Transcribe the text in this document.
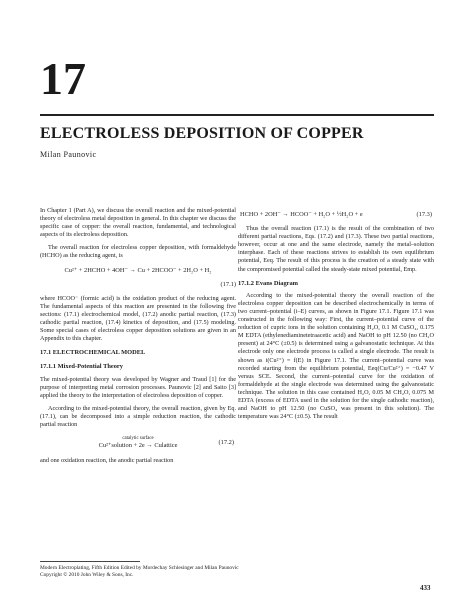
17
ELECTROLESS DEPOSITION OF COPPER
Milan Paunovic

In Chapter 1 (Part A), we discuss the overall reaction and the mixed-potential theory of electroless metal deposition in general. In this chapter we discuss the specific case of copper: the overall reaction, fundamental, and technological aspects of its electroless deposition.

The overall reaction for electroless copper deposition, with formaldehyde (HCHO) as the reducing agent, is

Cu²⁺ + 2HCHO + 4OH⁻ → Cu + 2HCOO⁻ + 2H₂O + H₂
(17.1)

where HCOO⁻ (formic acid) is the oxidation product of the reducing agent. The fundamental aspects of this reaction are presented in the following five sections: (17.1) electrochemical model, (17.2) anodic partial reaction, (17.3) cathodic partial reaction, (17.4) kinetics of deposition, and (17.5) modeling. Some special cases of electroless copper deposition solutions are given in an Appendix to this chapter.

17.1 ELECTROCHEMICAL MODEL
17.1.1 Mixed-Potential Theory

The mixed-potential theory was developed by Wagner and Traud [1] for the purpose of interpreting metal corrosion processes. Paunovic [2] and Saito [3] applied the theory to the interpretation of electroless deposition of copper.

According to the mixed-potential theory, the overall reaction, given by Eq. (17.1), can be decomposed into a simple reduction reaction, the cathodic partial reaction

catalytic surface
Cu²⁺solution + 2e → Culattice
(17.2)

and one oxidation reaction, the anodic partial reaction

HCHO + 2OH⁻ → HCOO⁻ + H₂O + ½H₂O + e	(17.3)

Thus the overall reaction (17.1) is the result of the combination of two different partial reactions, Eqs. (17.2) and (17.3). These two partial reactions, however, occur at one and the same electrode, namely the metal–solution interphase. Each of these reactions strives to establish its own equilibrium potential, Eeq. The result of this process is the creation of a steady state with the compromised potential called the steady-state mixed potential, Emp.

17.1.2 Evans Diagram

According to the mixed-potential theory the overall reaction of the electroless copper deposition can be described electrochemically in terms of two current–potential (i–E) curves, as shown in Figure 17.1. Figure 17.1 was constructed in the following way: First, the current–potential curve of the reduction of cupric ions in the solution containing H₂O, 0.1 M CuSO₄, 0.175 M EDTA (ethylenediaminetetraacetic acid) and NaOH to pH 12.50 (no CH₂O present) at 24°C (±0.5) is determined using a galvanostatic technique. At this electrode only one electrode process is called a single electrode. The result is shown as i(Cu²⁺) = f(E) in Figure 17.1. The current–potential curve was recorded starting from the equilibrium potential, Eeq(Cu/Cu²⁺) = −0.47 V versus SCE. Second, the current–potential curve for the oxidation of formaldehyde at the single electrode was determined using the galvanostatic technique. The solution in this case contained H₂O, 0.05 M CH₂O, 0.075 M EDTA (excess of EDTA used in the solution for the single cathodic reaction), and NaOH to pH 12.50 (no CuSO₄ was present in this solution). The temperature was 24°C (±0.5). The result

Modern Electroplating, Fifth Edition Edited by Mordechay Schlesinger and Milan Paunovic
Copyright © 2010 John Wiley & Sons, Inc.
433
